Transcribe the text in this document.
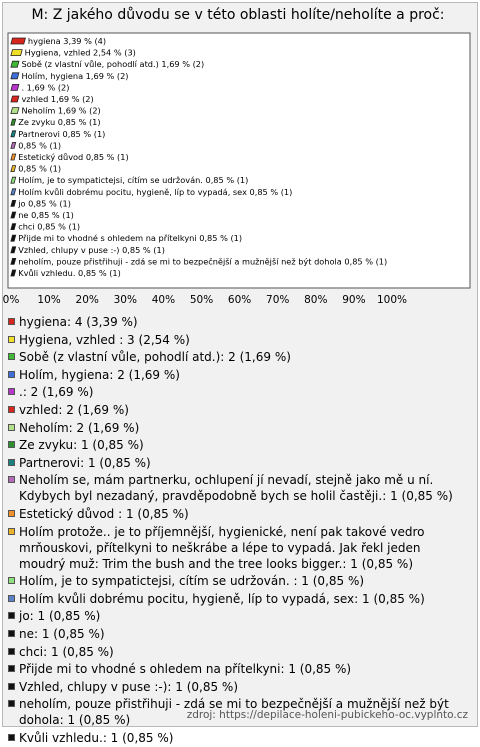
M: Z jakého důvodu se v této oblasti holíte/neholíte a proč:
hygiena 3,39 % (4)
Hygiena, vzhled 2,54 % (3)
Sobě (z vlastní vůle, pohodlí atd.) 1,69 % (2)
Holím, hygiena 1,69 % (2)
. 1,69 % (2)
vzhled 1,69 % (2)
Neholím 1,69 % (2)
Ze zvyku 0,85 % (1)
Partnerovi 0,85 % (1)
0,85 % (1)
Estetický důvod 0,85 % (1)
0,85 % (1)
Holím, je to sympatictejsi, cítím se udržován. 0,85 % (1)
Holím kvůli dobrému pocitu, hygieně, líp to vypadá, sex 0,85 % (1)
jo 0,85 % (1)
ne 0,85 % (1)
chci 0,85 % (1)
Přijde mi to vhodné s ohledem na přítelkyni 0,85 % (1)
Vzhled, chlupy v puse :-) 0,85 % (1)
neholím, pouze přistřihuji - zdá se mi to bezpečnější a mužnější než být dohola 0,85 % (1)
Kvůli vzhledu. 0,85 % (1)
0% 10% 20% 30% 40% 50% 60% 70% 80% 90% 100%
hygiena: 4 (3,39 %)
Hygiena, vzhled : 3 (2,54 %)
Sobě (z vlastní vůle, pohodlí atd.): 2 (1,69 %)
Holím, hygiena: 2 (1,69 %)
.: 2 (1,69 %)
vzhled: 2 (1,69 %)
Neholím: 2 (1,69 %)
Ze zvyku: 1 (0,85 %)
Partnerovi: 1 (0,85 %)
Neholím se, mám partnerku, ochlupení jí nevadí, stejně jako mě u ní. Kdybych byl nezadaný, pravděpodobně bych se holil častěji.: 1 (0,85 %)
Estetický důvod : 1 (0,85 %)
Holím protože.. je to příjemnější, hygienické, není pak takové vedro mrňouskovi, přítelkyni to neškrábe a lépe to vypadá. Jak řekl jeden moudrý muž: Trim the bush and the tree looks bigger.: 1 (0,85 %)
Holím, je to sympatictejsi, cítím se udržován. : 1 (0,85 %)
Holím kvůli dobrému pocitu, hygieně, líp to vypadá, sex: 1 (0,85 %)
jo: 1 (0,85 %)
ne: 1 (0,85 %)
chci: 1 (0,85 %)
Přijde mi to vhodné s ohledem na přítelkyni: 1 (0,85 %)
Vzhled, chlupy v puse :-): 1 (0,85 %)
neholím, pouze přistřihuji - zdá se mi to bezpečnější a mužnější než být dohola: 1 (0,85 %)
Kvůli vzhledu.: 1 (0,85 %)
zdroj: https://depilace-holeni-pubickeho-oc.vyplnto.cz
